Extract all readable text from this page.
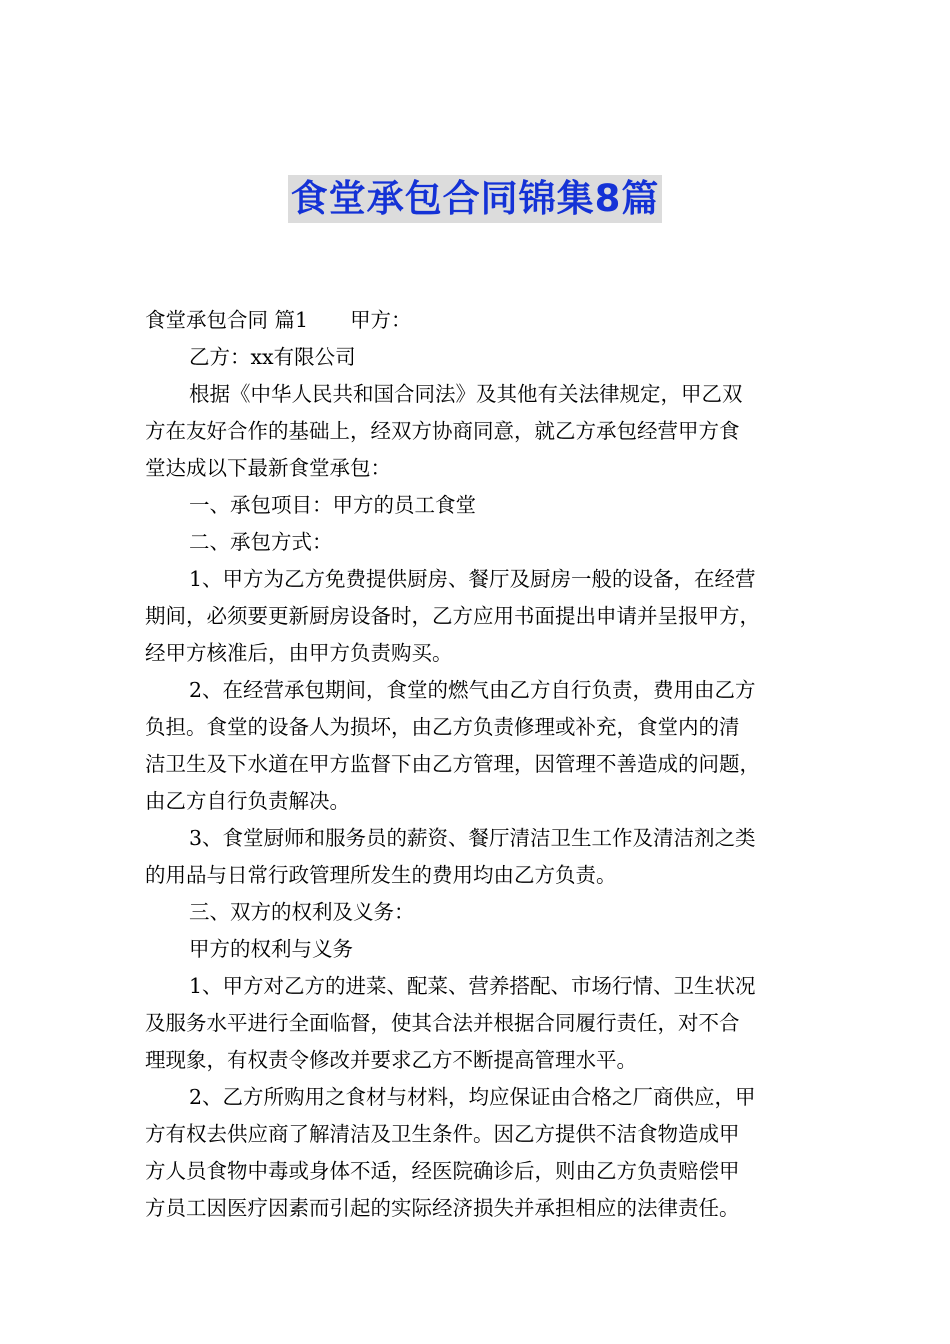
食堂承包合同锦集8篇
食堂承包合同 篇1 甲方：
乙方：xx有限公司
根据《中华人民共和国合同法》及其他有关法律规定，甲乙双
方在友好合作的基础上，经双方协商同意，就乙方承包经营甲方食
堂达成以下最新食堂承包：
一、承包项目：甲方的员工食堂
二、承包方式：
1、甲方为乙方免费提供厨房、餐厅及厨房一般的设备，在经营
期间，必须要更新厨房设备时，乙方应用书面提出申请并呈报甲方，
经甲方核准后，由甲方负责购买。
2、在经营承包期间，食堂的燃气由乙方自行负责，费用由乙方
负担。食堂的设备人为损坏，由乙方负责修理或补充，食堂内的清
洁卫生及下水道在甲方监督下由乙方管理，因管理不善造成的问题，
由乙方自行负责解决。
3、食堂厨师和服务员的薪资、餐厅清洁卫生工作及清洁剂之类
的用品与日常行政管理所发生的费用均由乙方负责。
三、双方的权利及义务：
甲方的权利与义务
1、甲方对乙方的进菜、配菜、营养搭配、市场行情、卫生状况
及服务水平进行全面临督，使其合法并根据合同履行责任，对不合
理现象，有权责令修改并要求乙方不断提高管理水平。
2、乙方所购用之食材与材料，均应保证由合格之厂商供应，甲
方有权去供应商了解清洁及卫生条件。因乙方提供不洁食物造成甲
方人员食物中毒或身体不适，经医院确诊后，则由乙方负责赔偿甲
方员工因医疗因素而引起的实际经济损失并承担相应的法律责任。
